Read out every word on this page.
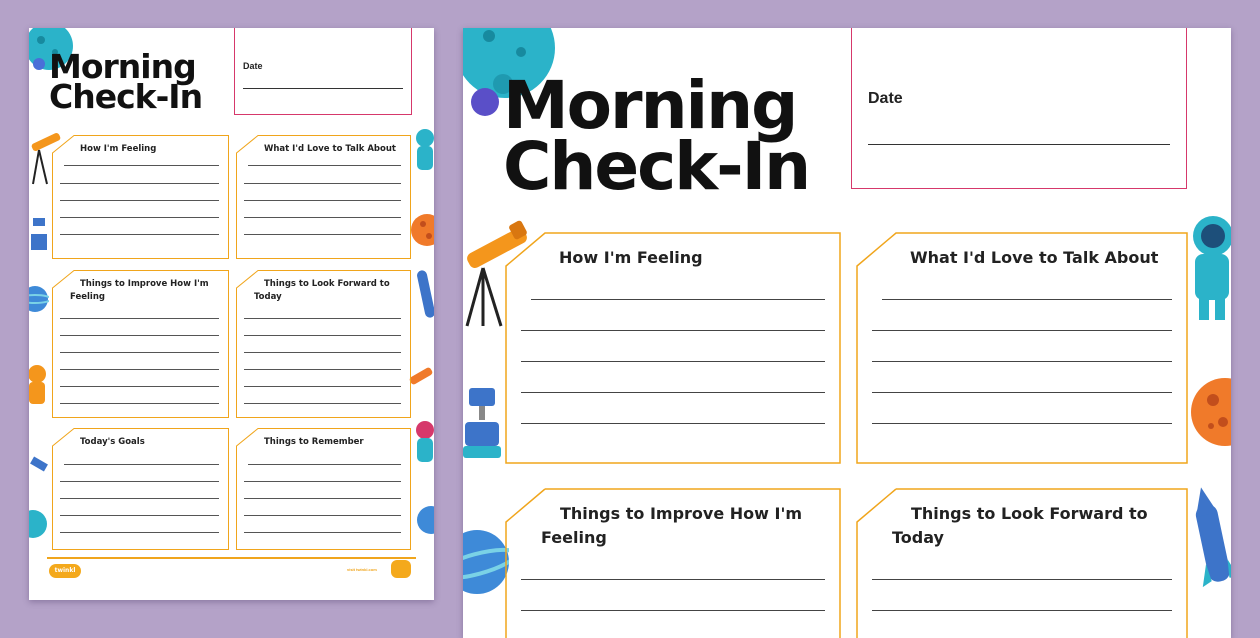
Morning
Check-In
Date
How I'm Feeling	What I'd Love to Talk About
Things to Improve How I'm Feeling
Things to Look Forward to Today
Today's Goals	Things to Remember
twinkl	visit twinkl.com
Morning
Check-In
Date
How I'm Feeling	What I'd Love to Talk About
Things to Improve How I'm Feeling
Things to Look Forward to Today
